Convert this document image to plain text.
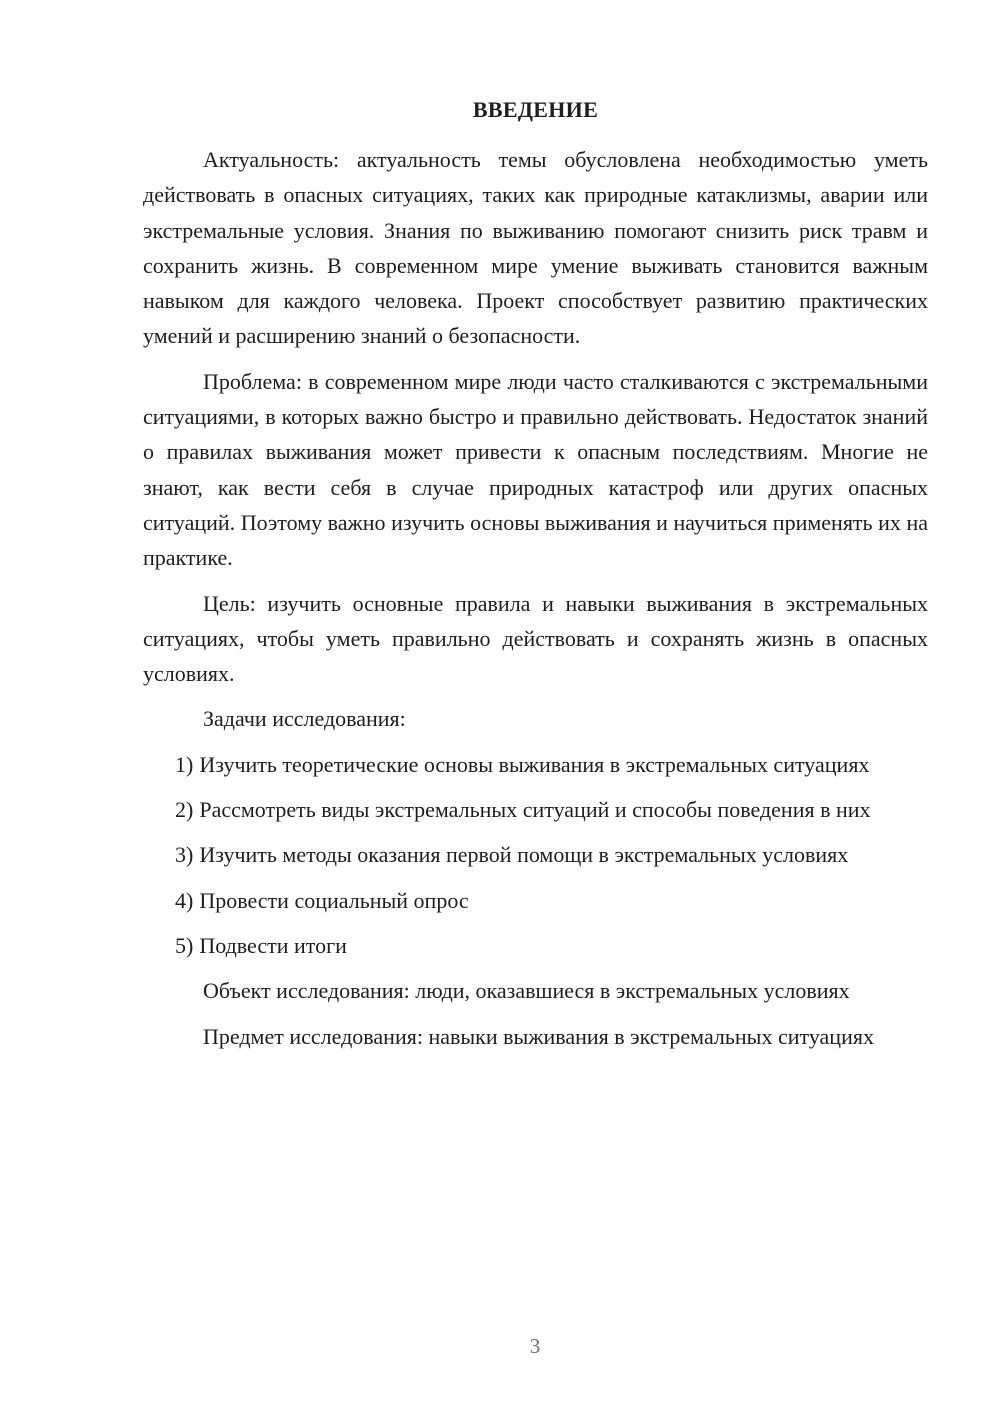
ВВЕДЕНИЕ

Актуальность: актуальность темы обусловлена необходимостью уметь действовать в опасных ситуациях, таких как природные катаклизмы, аварии или экстремальные условия. Знания по выживанию помогают снизить риск травм и сохранить жизнь. В современном мире умение выживать становится важным навыком для каждого человека. Проект способствует развитию практических умений и расширению знаний о безопасности.

Проблема: в современном мире люди часто сталкиваются с экстремальными ситуациями, в которых важно быстро и правильно действовать. Недостаток знаний о правилах выживания может привести к опасным последствиям. Многие не знают, как вести себя в случае природных катастроф или других опасных ситуаций. Поэтому важно изучить основы выживания и научиться применять их на практике.

Цель: изучить основные правила и навыки выживания в экстремальных ситуациях, чтобы уметь правильно действовать и сохранять жизнь в опасных условиях.

Задачи исследования:

1) Изучить теоретические основы выживания в экстремальных ситуациях
2) Рассмотреть виды экстремальных ситуаций и способы поведения в них
3) Изучить методы оказания первой помощи в экстремальных условиях
4) Провести социальный опрос
5) Подвести итоги

Объект исследования: люди, оказавшиеся в экстремальных условиях

Предмет исследования: навыки выживания в экстремальных ситуациях

3
